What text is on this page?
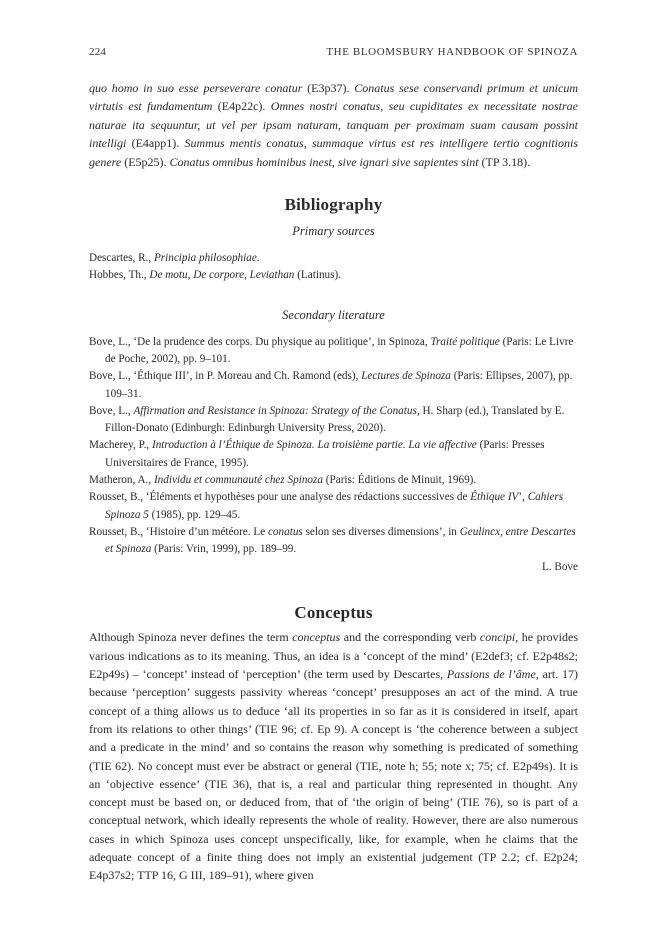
224	THE BLOOMSBURY HANDBOOK OF SPINOZA

quo homo in suo esse perseverare conatur (E3p37). Conatus sese conservandi primum et unicum virtutis est fundamentum (E4p22c). Omnes nostri conatus, seu cupiditates ex necessitate nostrae naturae ita sequuntur, ut vel per ipsam naturam, tanquam per proximam suam causam possint intelligi (E4app1). Summus mentis conatus, summaque virtus est res intelligere tertio cognitionis genere (E5p25). Conatus omnibus hominibus inest, sive ignari sive sapientes sint (TP 3.18).

Bibliography
Primary sources

Descartes, R., Principia philosophiae.

Hobbes, Th., De motu, De corpore, Leviathan (Latinus).

Secondary literature

Bove, L., ‘De la prudence des corps. Du physique au politique’, in Spinoza, Traité politique (Paris: Le Livre de Poche, 2002), pp. 9–101.

Bove, L., ‘Éthique III’, in P. Moreau and Ch. Ramond (eds), Lectures de Spinoza (Paris: Ellipses, 2007), pp. 109–31.

Bove, L., Affirmation and Resistance in Spinoza: Strategy of the Conatus, H. Sharp (ed.), Translated by E. Fillon-Donato (Edinburgh: Edinburgh University Press, 2020).

Macherey, P., Introduction à l’Éthique de Spinoza. La troisième partie. La vie affective (Paris: Presses Universitaires de France, 1995).

Matheron, A., Individu et communauté chez Spinoza (Paris: Éditions de Minuit, 1969).

Rousset, B., ‘Éléments et hypothèses pour une analyse des rédactions successives de Éthique IV’, Cahiers Spinoza 5 (1985), pp. 129–45.

Rousset, B., ‘Histoire d’un météore. Le conatus selon ses diverses dimensions’, in Geulincx, entre Descartes et Spinoza (Paris: Vrin, 1999), pp. 189–99.

L. Bove

Conceptus

Although Spinoza never defines the term conceptus and the corresponding verb concipi, he provides various indications as to its meaning. Thus, an idea is a ‘concept of the mind’ (E2def3; cf. E2p48s2; E2p49s) – ‘concept’ instead of ‘perception’ (the term used by Descartes, Passions de l’âme, art. 17) because ‘perception’ suggests passivity whereas ‘concept’ presupposes an act of the mind. A true concept of a thing allows us to deduce ‘all its properties in so far as it is considered in itself, apart from its relations to other things’ (TIE 96; cf. Ep 9). A concept is ‘the coherence between a subject and a predicate in the mind’ and so contains the reason why something is predicated of something (TIE 62). No concept must ever be abstract or general (TIE, note h; 55; note x; 75; cf. E2p49s). It is an ‘objective essence’ (TIE 36), that is, a real and particular thing represented in thought. Any concept must be based on, or deduced from, that of ‘the origin of being’ (TIE 76), so is part of a conceptual network, which ideally represents the whole of reality. However, there are also numerous cases in which Spinoza uses concept unspecifically, like, for example, when he claims that the adequate concept of a finite thing does not imply an existential judgement (TP 2.2; cf. E2p24; E4p37s2; TTP 16, G III, 189–91), where given
